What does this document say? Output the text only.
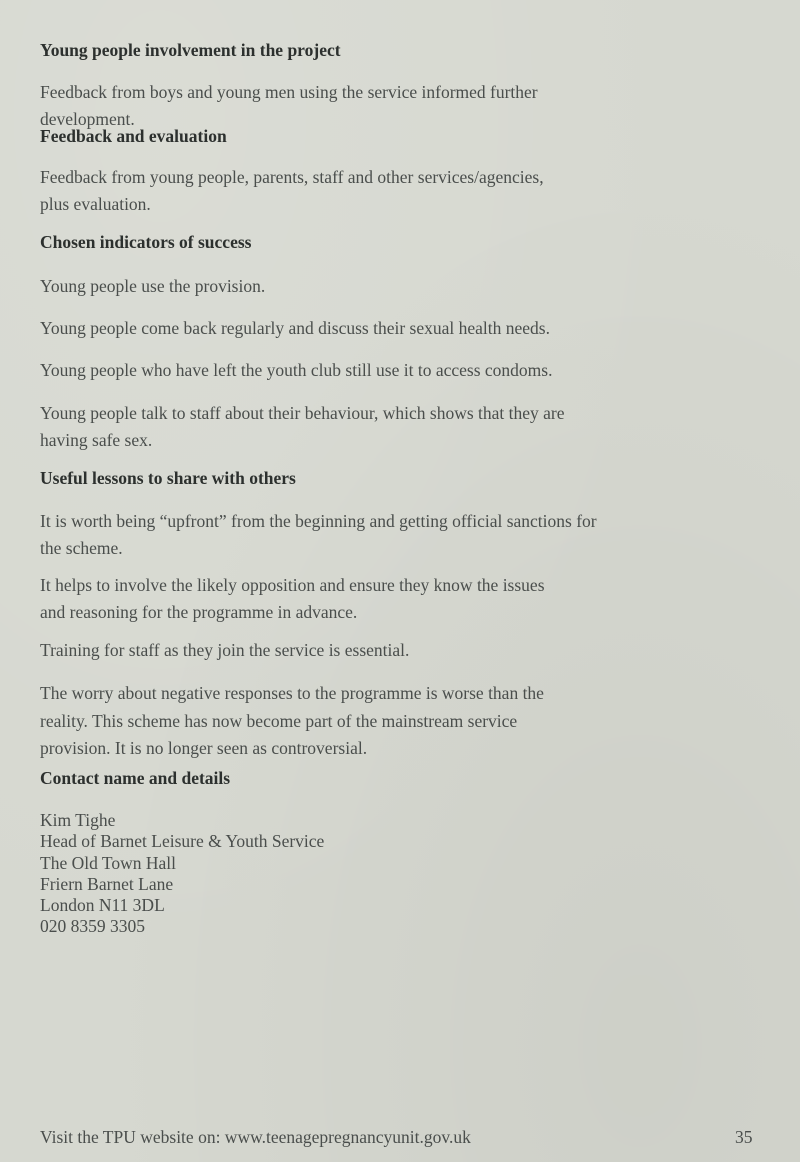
Young people involvement in the project

Feedback from boys and young men using the service informed further development.

Feedback and evaluation

Feedback from young people, parents, staff and other services/agencies, plus evaluation.

Chosen indicators of success

Young people use the provision.

Young people come back regularly and discuss their sexual health needs.

Young people who have left the youth club still use it to access condoms.

Young people talk to staff about their behaviour, which shows that they are having safe sex.

Useful lessons to share with others

It is worth being “upfront” from the beginning and getting official sanctions for the scheme.

It helps to involve the likely opposition and ensure they know the issues and reasoning for the programme in advance.

Training for staff as they join the service is essential.

The worry about negative responses to the programme is worse than the reality. This scheme has now become part of the mainstream service provision. It is no longer seen as controversial.

Contact name and details
Kim Tighe
Head of Barnet Leisure & Youth Service
The Old Town Hall
Friern Barnet Lane
London N11 3DL
020 8359 3305
Visit the TPU website on: www.teenagepregnancyunit.gov.uk	35
